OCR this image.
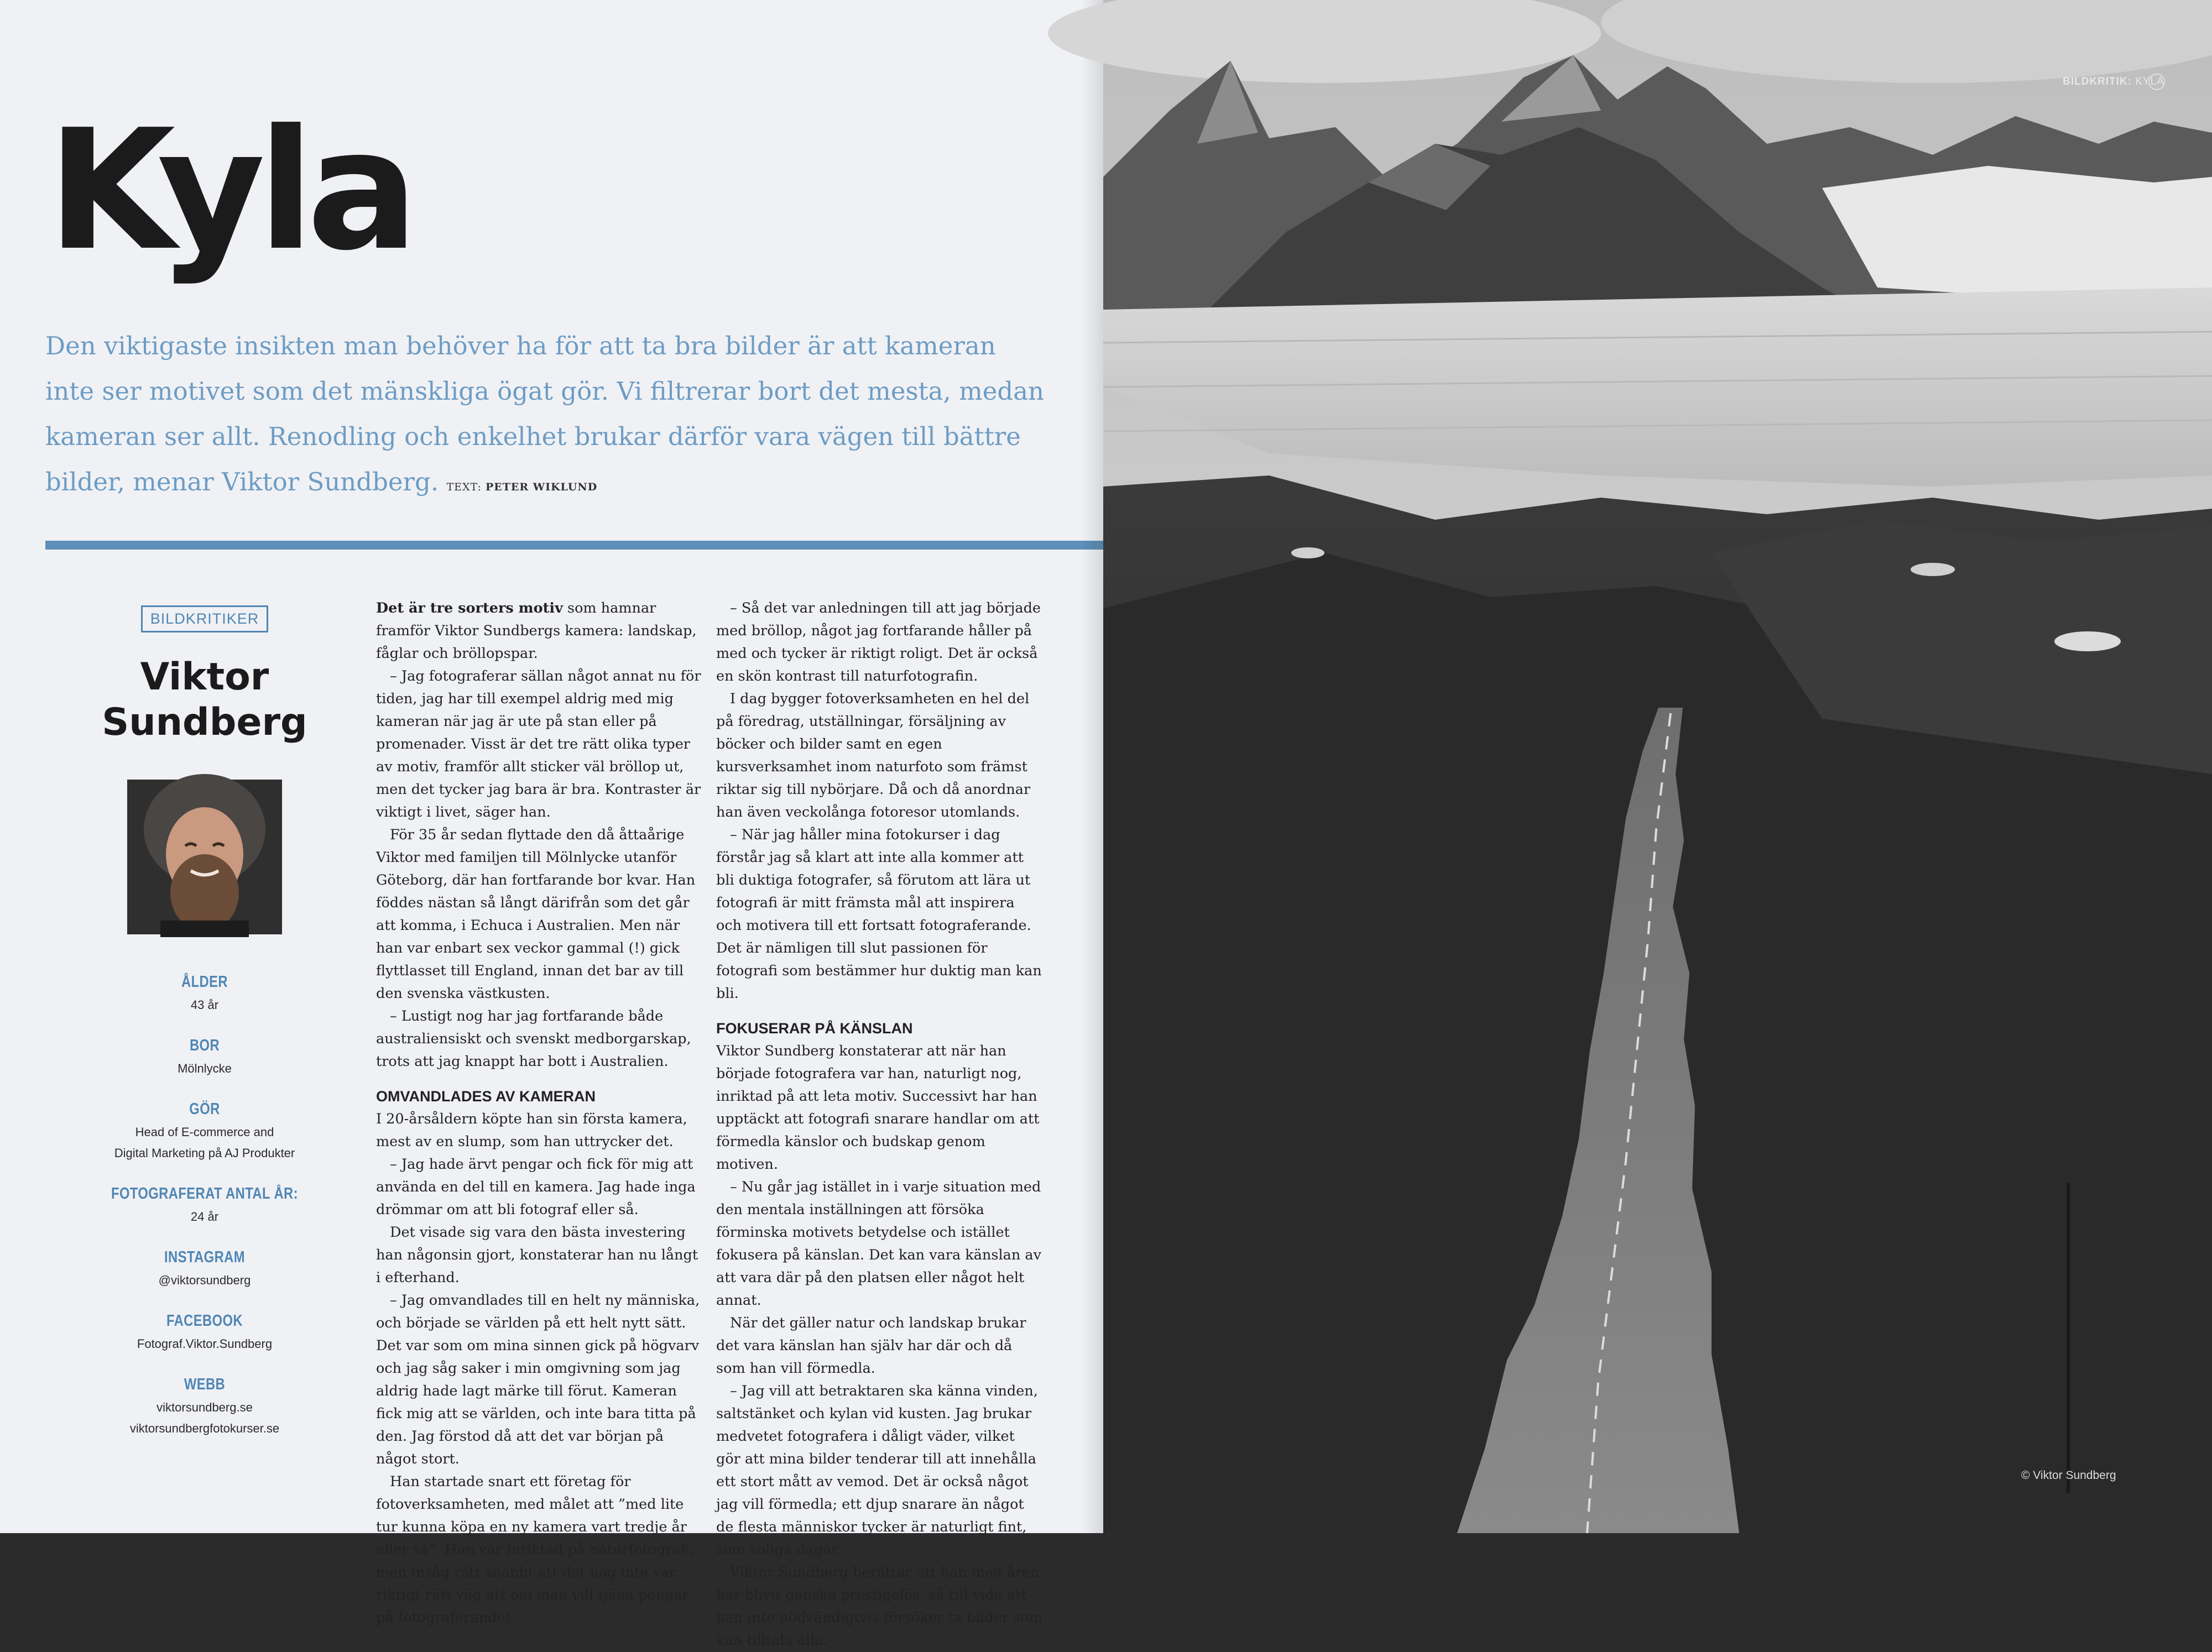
Kyla

Den viktigaste insikten man behöver ha för att ta bra bilder är att kameran inte ser motivet som det mänskliga ögat gör. Vi filtrerar bort det mesta, medan kameran ser allt. Renodling och enkelhet brukar därför vara vägen till bättre bilder, menar Viktor Sundberg. TEXT: PETER WIKLUND

BILDKRITIKER
Viktor
Sundberg
ÅLDER
43 år
BOR
Mölnlycke
GÖR
Head of E-commerce and
Digital Marketing på AJ Produkter
FOTOGRAFERAT ANTAL ÅR:
24 år
INSTAGRAM
@viktorsundberg
FACEBOOK
Fotograf.Viktor.Sundberg
WEBB
viktorsundberg.se
viktorsundbergfotokurser.se

Det är tre sorters motiv som hamnar framför Viktor Sundbergs kamera: landskap, fåglar och bröllopspar.

– Jag fotograferar sällan något annat nu för tiden, jag har till exempel aldrig med mig kameran när jag är ute på stan eller på promenader. Visst är det tre rätt olika typer av motiv, framför allt sticker väl bröllop ut, men det tycker jag bara är bra. Kontraster är viktigt i livet, säger han.

För 35 år sedan flyttade den då åttaårige Viktor med familjen till Mölnlycke utanför Göteborg, där han fortfarande bor kvar. Han föddes nästan så långt därifrån som det går att komma, i Echuca i Australien. Men när han var enbart sex veckor gammal (!) gick flyttlasset till England, innan det bar av till den svenska västkusten.

– Lustigt nog har jag fortfarande både australiensiskt och svenskt medborgarskap, trots att jag knappt har bott i Australien.

OMVANDLADES AV KAMERAN

I 20-årsåldern köpte han sin första kamera, mest av en slump, som han uttrycker det.

– Jag hade ärvt pengar och fick för mig att använda en del till en kamera. Jag hade inga drömmar om att bli fotograf eller så.

Det visade sig vara den bästa investering han någonsin gjort, konstaterar han nu långt i efterhand.

– Jag omvandlades till en helt ny människa, och började se världen på ett helt nytt sätt. Det var som om mina sinnen gick på högvarv och jag såg saker i min omgivning som jag aldrig hade lagt märke till förut. Kameran fick mig att se världen, och inte bara titta på den. Jag förstod då att det var början på något stort.

Han startade snart ett företag för fotoverksamheten, med målet att ”med lite tur kunna köpa en ny kamera vart tredje år eller så”. Han var inriktad på naturfotografi, men insåg rätt snabbt att det nog inte var riktigt rätt väg att om man vill tjäna pengar på fotograferandet.

– Så det var anledningen till att jag började med bröllop, något jag fortfarande håller på med och tycker är riktigt roligt. Det är också en skön kontrast till naturfotografin.

I dag bygger fotoverksamheten en hel del på föredrag, utställningar, försäljning av böcker och bilder samt en egen kursverksamhet inom naturfoto som främst riktar sig till nybörjare. Då och då anordnar han även veckolånga fotoresor utomlands.

– När jag håller mina fotokurser i dag förstår jag så klart att inte alla kommer att bli duktiga fotografer, så förutom att lära ut fotografi är mitt främsta mål att inspirera och motivera till ett fortsatt fotograferande. Det är nämligen till slut passionen för fotografi som bestämmer hur duktig man kan bli.

FOKUSERAR PÅ KÄNSLAN

Viktor Sundberg konstaterar att när han började fotografera var han, naturligt nog, inriktad på att leta motiv. Successivt har han upptäckt att fotografi snarare handlar om att förmedla känslor och budskap genom motiven.

– Nu går jag istället in i varje situation med den mentala inställningen att försöka förminska motivets betydelse och istället fokusera på känslan. Det kan vara känslan av att vara där på den platsen eller något helt annat.

När det gäller natur och landskap brukar det vara känslan han själv har där och då som han vill förmedla.

– Jag vill att betraktaren ska känna vinden, saltstänket och kylan vid kusten. Jag brukar medvetet fotografera i dåligt väder, vilket gör att mina bilder tenderar till att innehålla ett stort mått av vemod. Det är också något jag vill förmedla; ett djup snarare än något de flesta människor tycker är naturligt fint, som soliga dagar.

Viktor Sundberg berättar att han med åren har blivit ganska prestigelös, så till vida att han inte nödvändigtvis försöker ta bilder som kan tilltala alla.

BILDKRITIK: KYLA
© Viktor Sundberg
